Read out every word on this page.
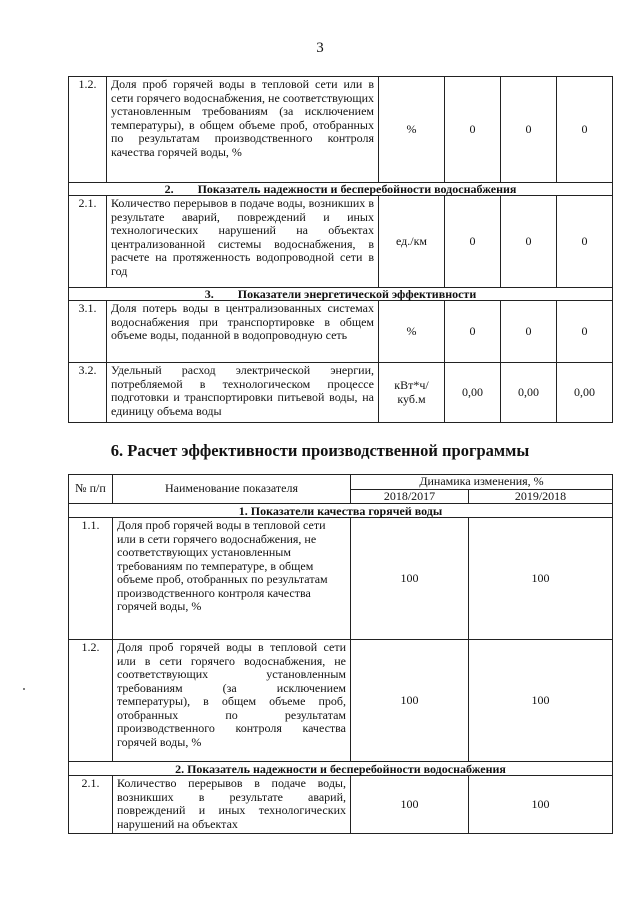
3
1.2.	Доля проб горячей воды в тепловой сети или в сети горячего водоснабжения, не соответствующих установленным требованиям (за исключением температуры), в общем объеме проб, отобранных по результатам производственного контроля качества горячей воды, %	%	0	0	0
2.        Показатель надежности и бесперебойности водоснабжения					
2.1.	Количество перерывов в подаче воды, возникших в результате аварий, повреждений и иных технологических нарушений на объектах централизованной системы водоснабжения, в расчете на протяженность водопроводной сети в год	ед./км	0	0	0
3.        Показатели энергетической эффективности					
3.1.	Доля потерь воды в централизованных системах водоснабжения при транспортировке в общем объеме воды, поданной в водопроводную сеть	%	0	0	0
3.2.	Удельный расход электрической энергии, потребляемой в технологическом процессе подготовки и транспортировки питьевой воды, на единицу объема воды	кВт*ч/ куб.м	0,00	0,00	0,00
6. Расчет эффективности производственной программы
№ п/п	Наименование показателя	Динамика изменения, %	
		2018/2017	2019/2018
1. Показатели качества горячей воды			
1.1.	Доля проб горячей воды в тепловой сети или в сети горячего водоснабжения, не соответствующих установленным требованиям по температуре, в общем объеме проб, отобранных по результатам производственного контроля качества горячей воды, %	100	100
1.2.	Доля проб горячей воды в тепловой сети или в сети горячего водоснабжения, не соответствующих установленным требованиям (за исключением температуры), в общем объеме проб, отобранных по результатам производственного контроля качества горячей воды, %	100	100
2. Показатель надежности и бесперебойности водоснабжения			
2.1.	Количество перерывов в подаче воды, возникших в результате аварий, повреждений и иных технологических нарушений на объектах	100	100
